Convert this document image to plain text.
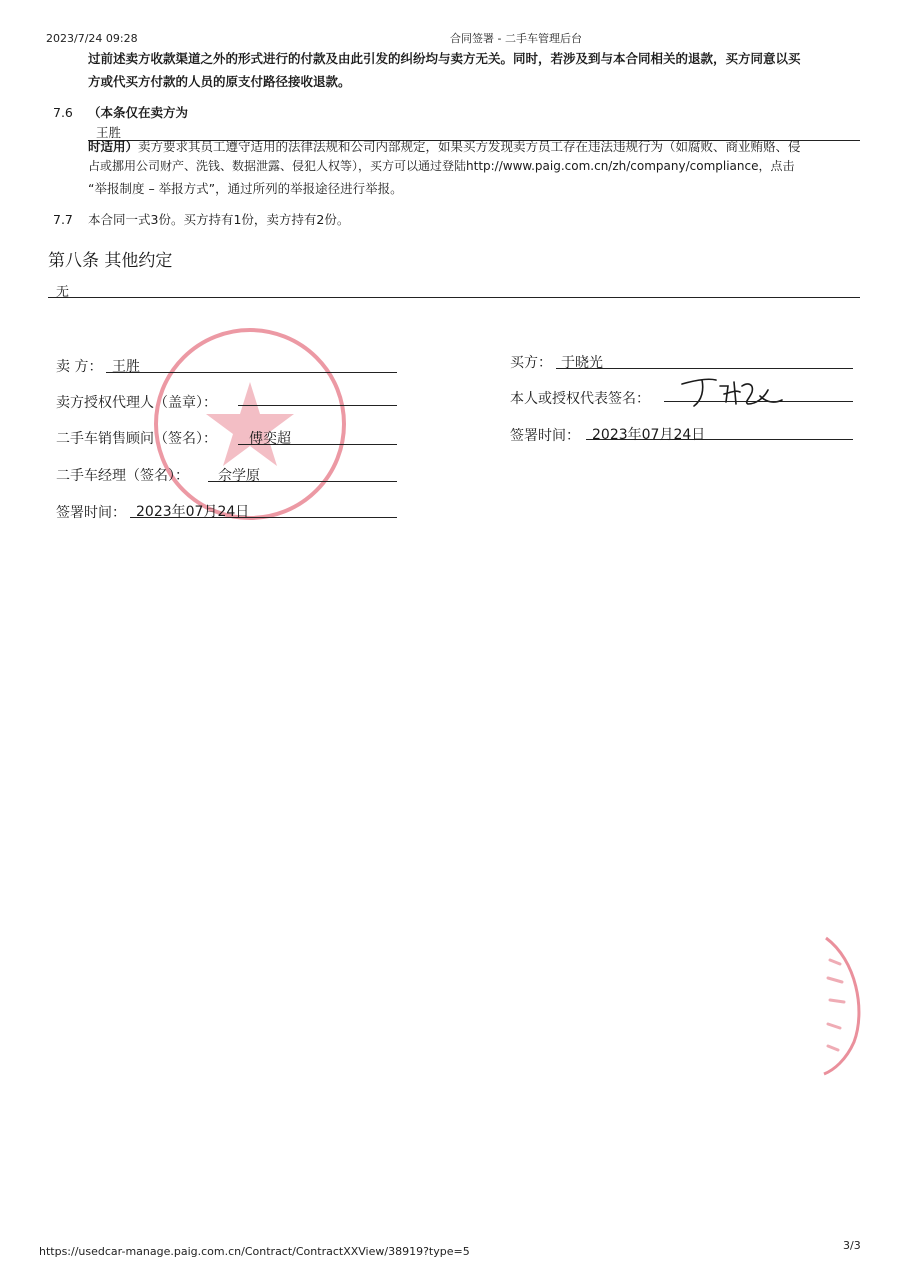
2023/7/24 09:28	合同签署 - 二手车管理后台
过前述卖方收款渠道之外的形式进行的付款及由此引发的纠纷均与卖方无关。同时，若涉及到与本合同相关的退款，买方同意以买
方或代买方付款的人员的原支付路径接收退款。
7.6 （本条仅在卖方为
王胜
时适用）卖方要求其员工遵守适用的法律法规和公司内部规定，如果买方发现卖方员工存在违法违规行为（如腐败、商业贿赂、侵
占或挪用公司财产、洗钱、数据泄露、侵犯人权等），买方可以通过登陆http://www.paig.com.cn/zh/company/compliance，点击
“举报制度 – 举报方式”，通过所列的举报途径进行举报。
7.7 本合同一式3份。买方持有1份，卖方持有2份。
第八条 其他约定
无
卖 方： 王胜
卖方授权代理人（盖章）：
二手车销售顾问（签名）： 傅奕超
二手车经理（签名）： 佘学原
签署时间： 2023年07月24日
买方： 于晓光
本人或授权代表签名：
签署时间： 2023年07月24日
https://usedcar-manage.paig.com.cn/Contract/ContractXXView/38919?type=5	3/3
